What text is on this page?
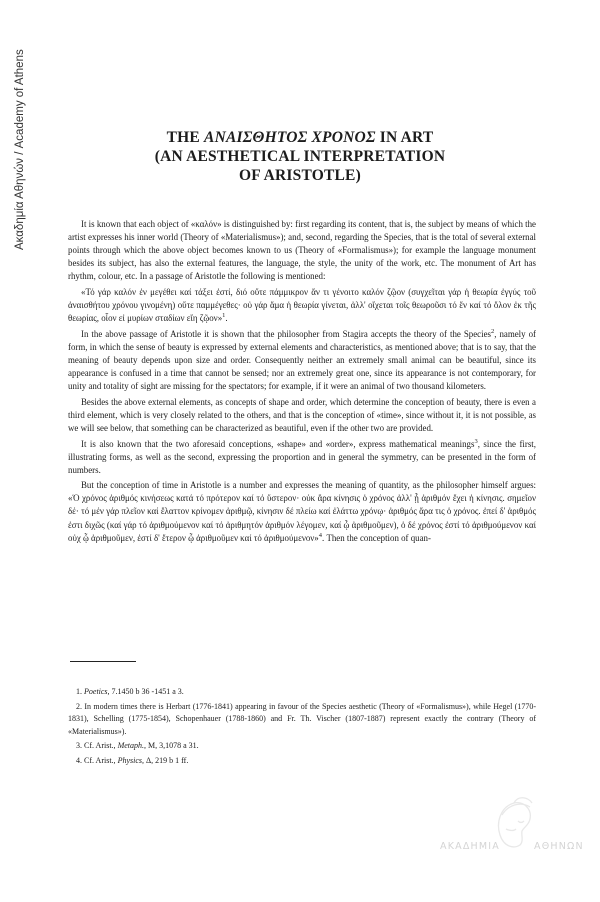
Ακαδημία Αθηνών / Academy of Athens	THE ΑΝΑΙΣΘΗΤΟΣ ΧΡΟΝΟΣ IN ART
(AN AESTHETICAL INTERPRETATION
OF ARISTOTLE)

It is known that each object of «καλόν» is distinguished by: first regarding its content, that is, the subject by means of which the artist expresses his inner world (Theory of «Materialismus»); and, second, regarding the Species, that is the total of several external points through which the above object becomes known to us (Theory of «Formalismus»); for example the language monument besides its subject, has also the external features, the language, the style, the unity of the work, etc. The monument of Art has rhythm, colour, etc. In a passage of Aristotle the following is mentioned:

«Τό γάρ καλόν ἐν μεγέθει καί τάξει ἐστί, διό οὔτε πάμμικρον ἄν τι γένοιτο καλόν ζῷον (συγχεῖται γάρ ἡ θεωρία ἐγγύς τοῦ ἀναισθήτου χρόνου γινομένη) οὔτε παμμέγεθες· οὐ γάρ ἅμα ἡ θεωρία γίνεται, ἀλλ' οἴχεται τοῖς θεωροῦσι τό ἕν καί τό ὅλον ἐκ τῆς θεωρίας, οἷον εἰ μυρίων σταδίων εἴη ζῷον»$^1$.

In the above passage of Aristotle it is shown that the philosopher from Stagira accepts the theory of the Species$^2$, namely of form, in which the sense of beauty is expressed by external elements and characteristics, as mentioned above; that is to say, that the meaning of beauty depends upon size and order. Consequently neither an extremely small animal can be beautiful, since its appearance is confused in a time that cannot be sensed; nor an extremely great one, since its appearance is not contemporary, for unity and totality of sight are missing for the spectators; for example, if it were an animal of two thousand kilometers.

Besides the above external elements, as concepts of shape and order, which determine the conception of beauty, there is even a third element, which is very closely related to the others, and that is the conception of «time», since without it, it is not possible, as we will see below, that something can be characterized as beautiful, even if the other two are provided.

It is also known that the two aforesaid conceptions, «shape» and «order», express mathematical meanings$^3$, since the first, illustrating forms, as well as the second, expressing the proportion and in general the symmetry, can be presented in the form of numbers.

But the conception of time in Aristotle is a number and expresses the meaning of quantity, as the philosopher himself argues: «Ὁ χρόνος ἀριθμός κινήσεως κατά τό πρότερον καί τό ὕστερον· οὐκ ἄρα κίνησις ὁ χρόνος ἀλλ' ᾗ ἀριθμόν ἔχει ἡ κίνησις. σημεῖον δέ· τό μέν γάρ πλεῖον καί ἔλαττον κρίνομεν ἀριθμῷ, κίνησιν δέ πλείω καί ἐλάττω χρόνῳ· ἀριθμός ἄρα τις ὁ χρόνος. ἐπεί δ' ἀριθμός ἐστι διχῶς (καί γάρ τό ἀριθμούμενον καί τό ἀριθμητόν ἀριθμόν λέγομεν, καί ᾧ ἀριθμοῦμεν), ὁ δέ χρόνος ἐστί τό ἀριθμούμενον καί οὐχ ᾧ ἀριθμοῦμεν, ἐστί δ' ἕτερον ᾧ ἀριθμοῦμεν καί τό ἀριθμούμενον»$^4$. Then the conception of quan-

1. Poetics, 7.1450 b 36 -1451 a 3.

2. In modern times there is Herbart (1776-1841) appearing in favour of the Species aesthetic (Theory of «Formalismus»), while Hegel (1770-1831), Schelling (1775-1854), Schopenhauer (1788-1860) and Fr. Th. Vischer (1807-1887) represent exactly the contrary (Theory of «Materialismus»).

3. Cf. Arist., Metaph., M, 3,1078 a 31.

4. Cf. Arist., Physics, Δ, 219 b 1 ff.

ΑΚΑΔΗΜΙΑ	ΑΘΗΝΩΝ
